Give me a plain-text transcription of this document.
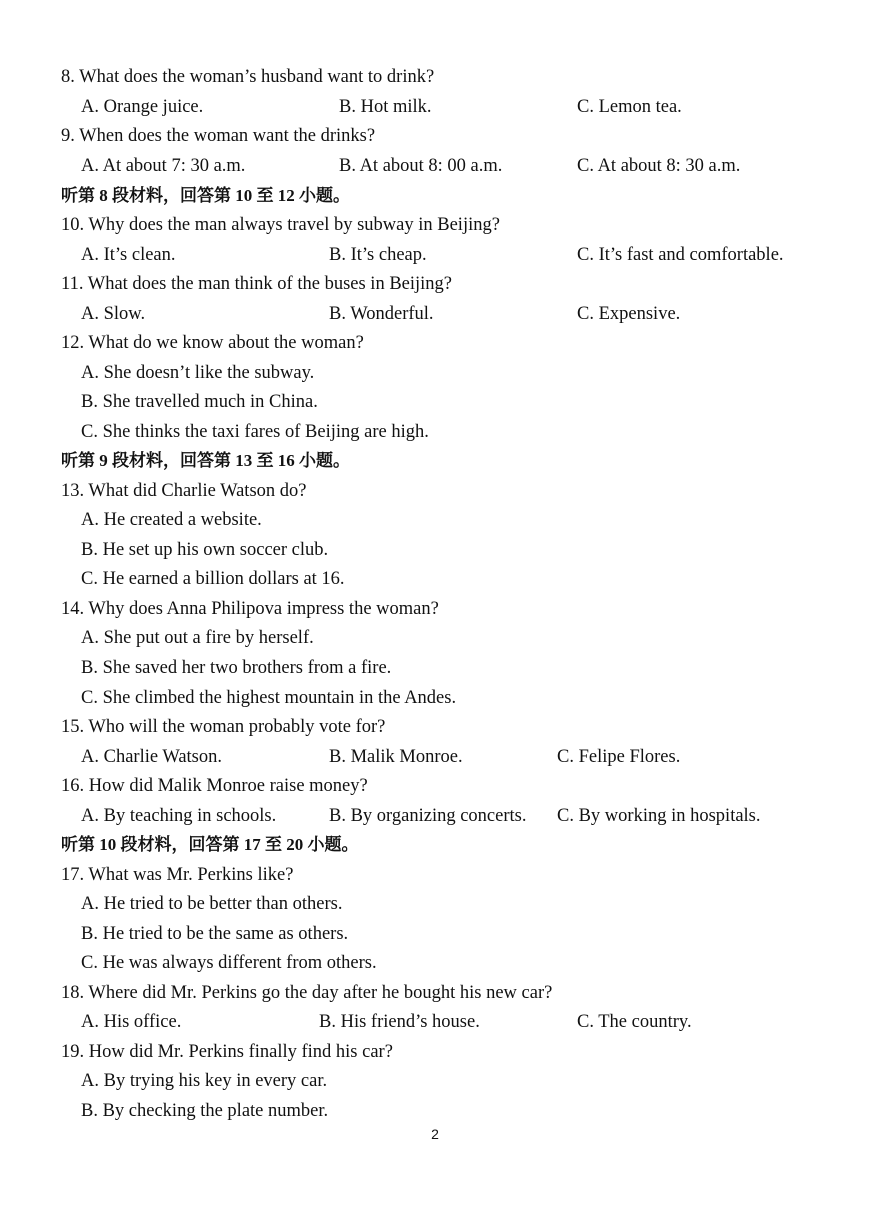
8. What does the woman’s husband want to drink?
A. Orange juice.	B. Hot milk.	C. Lemon tea.
9. When does the woman want the drinks?
A. At about 7: 30 a.m.	B. At about 8: 00 a.m.	C. At about 8: 30 a.m.
听第 8 段材料，回答第 10 至 12 小题。
10. Why does the man always travel by subway in Beijing?
A. It’s clean.	B. It’s cheap.	C. It’s fast and comfortable.
11. What does the man think of the buses in Beijing?
A. Slow.	B. Wonderful.	C. Expensive.
12. What do we know about the woman?
A. She doesn’t like the subway.
B. She travelled much in China.
C. She thinks the taxi fares of Beijing are high.
听第 9 段材料，回答第 13 至 16 小题。
13. What did Charlie Watson do?
A. He created a website.
B. He set up his own soccer club.
C. He earned a billion dollars at 16.
14. Why does Anna Philipova impress the woman?
A. She put out a fire by herself.
B. She saved her two brothers from a fire.
C. She climbed the highest mountain in the Andes.
15. Who will the woman probably vote for?
A. Charlie Watson.	B. Malik Monroe.	C. Felipe Flores.
16. How did Malik Monroe raise money?
A. By teaching in schools.	B. By organizing concerts. C. By working in hospitals.
听第 10 段材料，回答第 17 至 20 小题。
17. What was Mr. Perkins like?
A. He tried to be better than others.
B. He tried to be the same as others.
C. He was always different from others.
18. Where did Mr. Perkins go the day after he bought his new car?
A. His office.	B. His friend’s house.	C. The country.
19. How did Mr. Perkins finally find his car?
A. By trying his key in every car.
B. By checking the plate number.
2
